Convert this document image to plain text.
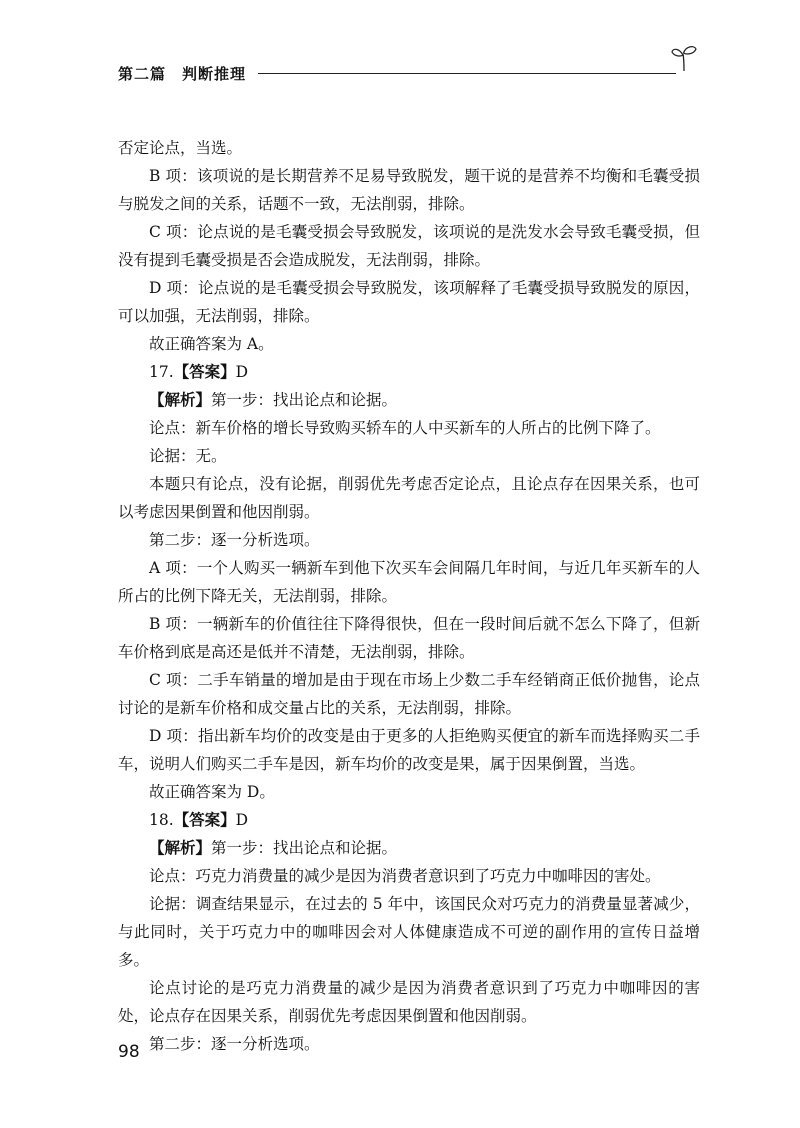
第二篇　判断推理

否定论点，当选。

B 项：该项说的是长期营养不足易导致脱发，题干说的是营养不均衡和毛囊受损与脱发之间的关系，话题不一致，无法削弱，排除。

C 项：论点说的是毛囊受损会导致脱发，该项说的是洗发水会导致毛囊受损，但没有提到毛囊受损是否会造成脱发，无法削弱，排除。

D 项：论点说的是毛囊受损会导致脱发，该项解释了毛囊受损导致脱发的原因，可以加强，无法削弱，排除。

故正确答案为 A。

17.【答案】D

【解析】第一步：找出论点和论据。

论点：新车价格的增长导致购买轿车的人中买新车的人所占的比例下降了。

论据：无。

本题只有论点，没有论据，削弱优先考虑否定论点，且论点存在因果关系，也可以考虑因果倒置和他因削弱。

第二步：逐一分析选项。

A 项：一个人购买一辆新车到他下次买车会间隔几年时间，与近几年买新车的人所占的比例下降无关，无法削弱，排除。

B 项：一辆新车的价值往往下降得很快，但在一段时间后就不怎么下降了，但新车价格到底是高还是低并不清楚，无法削弱，排除。

C 项：二手车销量的增加是由于现在市场上少数二手车经销商正低价抛售，论点讨论的是新车价格和成交量占比的关系，无法削弱，排除。

D 项：指出新车均价的改变是由于更多的人拒绝购买便宜的新车而选择购买二手车，说明人们购买二手车是因，新车均价的改变是果，属于因果倒置，当选。

故正确答案为 D。

18.【答案】D

【解析】第一步：找出论点和论据。

论点：巧克力消费量的减少是因为消费者意识到了巧克力中咖啡因的害处。

论据：调查结果显示，在过去的 5 年中，该国民众对巧克力的消费量显著减少，与此同时，关于巧克力中的咖啡因会对人体健康造成不可逆的副作用的宣传日益增多。

论点讨论的是巧克力消费量的减少是因为消费者意识到了巧克力中咖啡因的害处，论点存在因果关系，削弱优先考虑因果倒置和他因削弱。

第二步：逐一分析选项。

98
